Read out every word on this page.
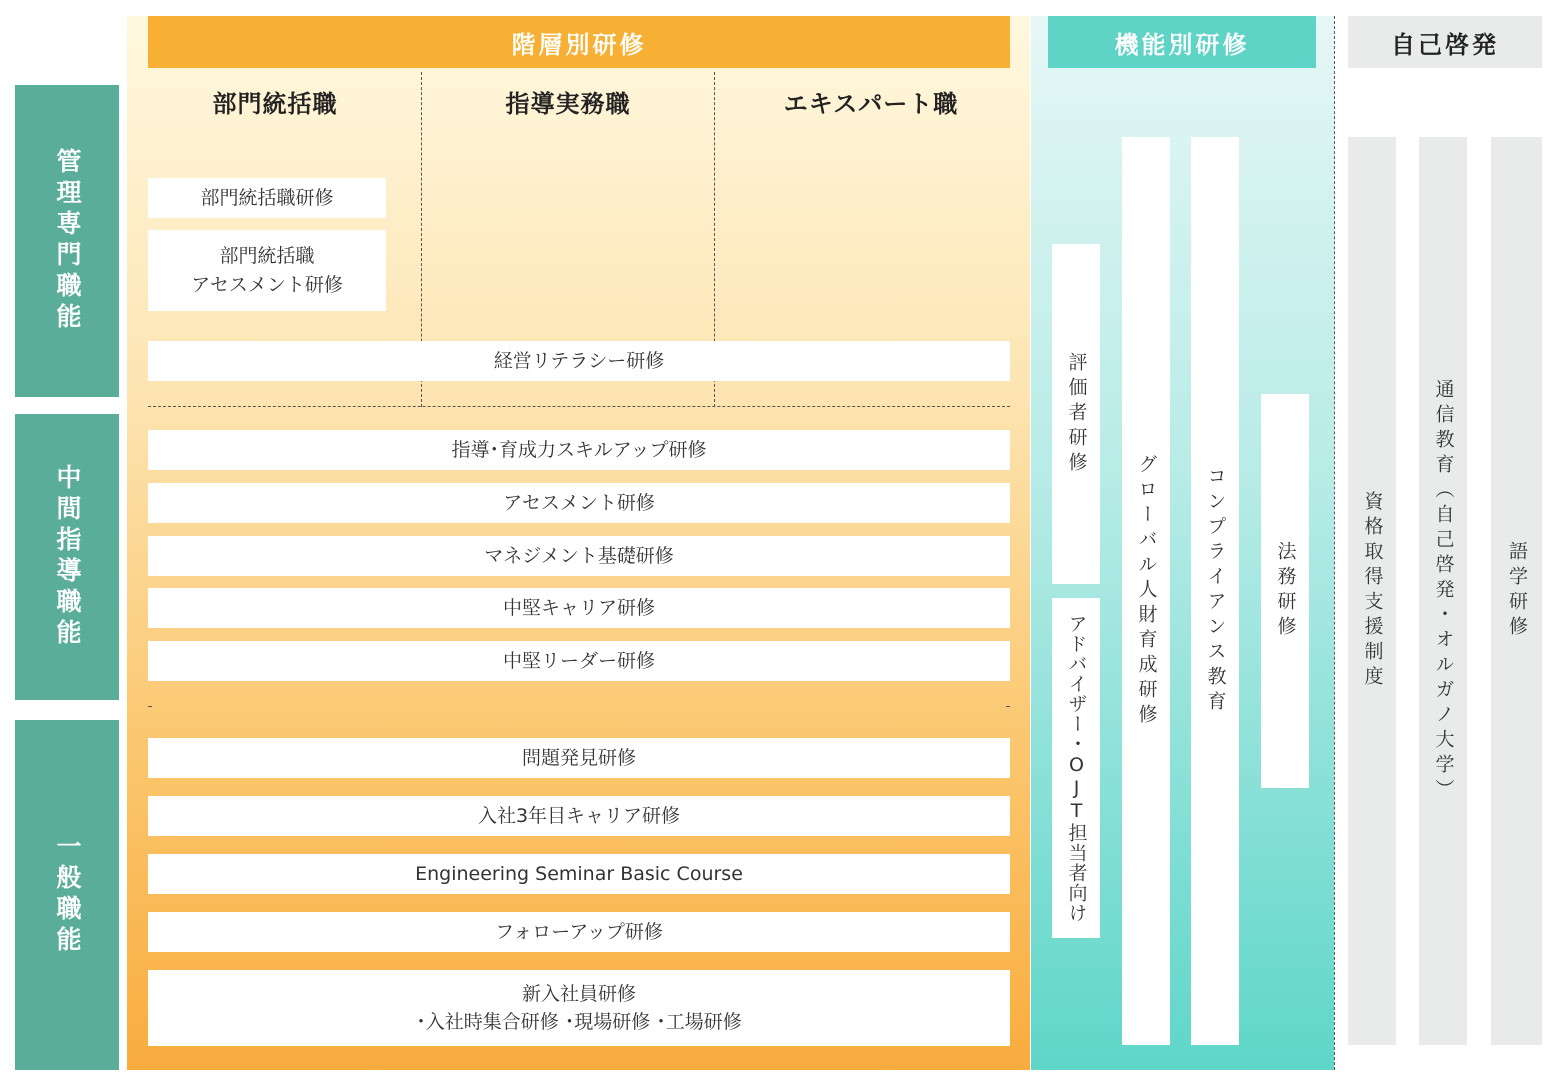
管理専門職能
中間指導職能
一般職能
階層別研修
部門統括職	指導実務職	エキスパート職
部門統括職研修
部門統括職
アセスメント研修
経営リテラシー研修
指導･育成力スキルアップ研修
アセスメント研修
マネジメント基礎研修
中堅キャリア研修
中堅リーダー研修
問題発見研修
入社3年目キャリア研修
Engineering Seminar Basic Course
フォローアップ研修
新入社員研修
･入社時集合研修 ･現場研修 ･工場研修
機能別研修
評価者研修
アドバイザー・OJT担当者向け
グローバル人財育成研修 コンプライアンス教育	法務研修
自己啓発
資格取得支援制度	通信教育︵自己啓発・オルガノ大学︶	語学研修
